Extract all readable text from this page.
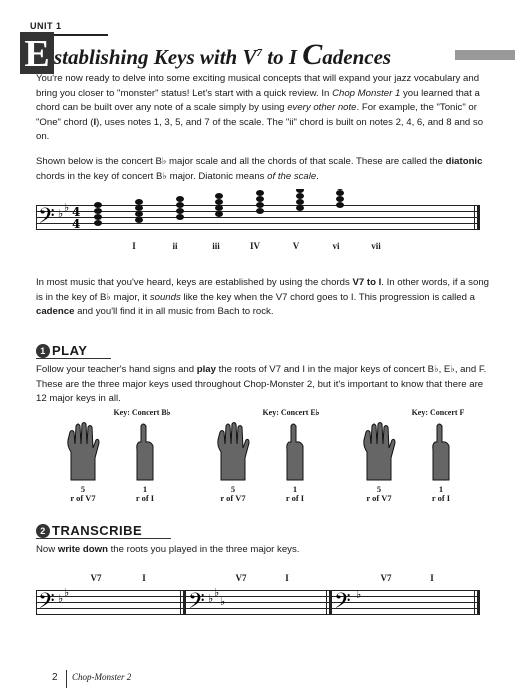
UNIT 1
E stablishing Keys with $V^7$ to I Cadences
You're now ready to delve into some exciting musical concepts that will expand your jazz vocabulary and bring you closer to "monster" status! Let's start with a quick review. In Chop Monster 1 you learned that a chord can be built over any note of a scale simply by using every other note. For example, the "Tonic" or "One" chord (I), uses notes 1, 3, 5, and 7 of the scale. The "ii" chord is built on notes 2, 4, 6, and 8 and so on.
Shown below is the concert B♭ major scale and all the chords of that scale. These are called the diatonic chords in the key of concert B♭ major. Diatonic means of the scale.
𝄢 ♭ ♭ 4
4
I	ii	iii	IV	V	vi	vii
In most music that you've heard, keys are established by using the chords V7 to I. In other words, if a song is in the key of B♭ major, it sounds like the key when the V7 chord goes to I. This progression is called a cadence and you'll find it in all music from Bach to rock.
1 PLAY
Follow your teacher's hand signs and play the roots of V7 and I in the major keys of concert B♭, E♭, and F. These are the three major keys used throughout Chop-Monster 2, but it's important to know that there are 12 major keys in all.
Key: Concert B♭	Key: Concert E♭	Key: Concert F
5
r of V7
1
r of I
5
r of V7
1
r of I
5
r of V7
1
r of I
2 TRANSCRIBE
Now write down the roots you played in the three major keys.
V7	I	V7	I	V7	I
𝄢 ♭ ♭	𝄢 ♭ ♭
♭	𝄢 ♭
2 Chop-Monster 2
